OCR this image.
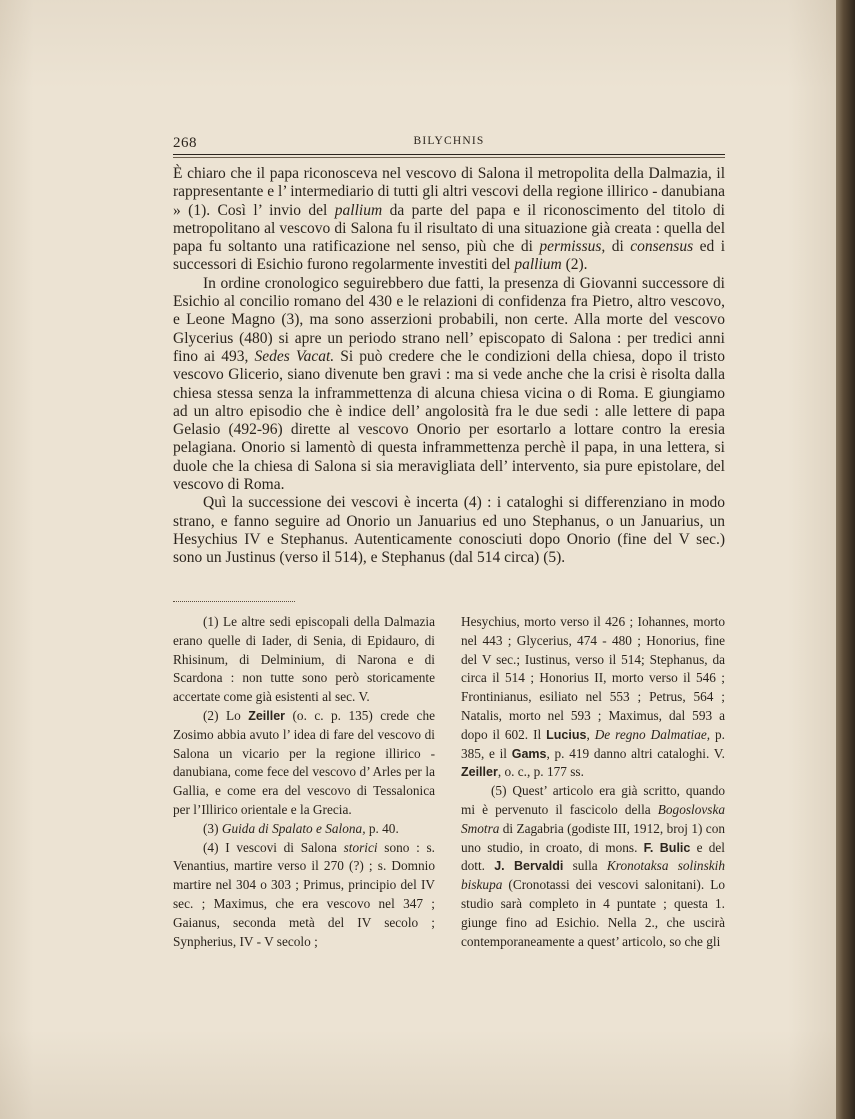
268	BILYCHNIS

È chiaro che il papa riconosceva nel vescovo di Salona il metropolita della Dalmazia, il rappresentante e l’ intermediario di tutti gli altri vescovi della regione illirico - danubiana » (1). Così l’ invio del pallium da parte del papa e il riconoscimento del titolo di metropolitano al vescovo di Salona fu il risultato di una situazione già creata : quella del papa fu soltanto una ratificazione nel senso, più che di permissus, di consensus ed i successori di Esichio furono regolarmente investiti del pallium (2).

In ordine cronologico seguirebbero due fatti, la presenza di Giovanni successore di Esichio al concilio romano del 430 e le relazioni di confidenza fra Pietro, altro vescovo, e Leone Magno (3), ma sono asserzioni probabili, non certe. Alla morte del vescovo Glycerius (480) si apre un periodo strano nell’ episcopato di Salona : per tredici anni fino ai 493, Sedes Vacat. Si può credere che le condizioni della chiesa, dopo il tristo vescovo Glicerio, siano divenute ben gravi : ma si vede anche che la crisi è risolta dalla chiesa stessa senza la inframmettenza di alcuna chiesa vicina o di Roma. E giungiamo ad un altro episodio che è indice dell’ angolosità fra le due sedi : alle lettere di papa Gelasio (492-96) dirette al vescovo Onorio per esortarlo a lottare contro la eresia pelagiana. Onorio si lamentò di questa inframmettenza perchè il papa, in una lettera, si duole che la chiesa di Salona si sia meravigliata dell’ intervento, sia pure epistolare, del vescovo di Roma.

Quì la successione dei vescovi è incerta (4) : i cataloghi si differenziano in modo strano, e fanno seguire ad Onorio un Januarius ed uno Stephanus, o un Januarius, un Hesychius IV e Stephanus. Autenticamente conosciuti dopo Onorio (fine del V sec.) sono un Justinus (verso il 514), e Stephanus (dal 514 circa) (5).

(1) Le altre sedi episcopali della Dalmazia erano quelle di Iader, di Senia, di Epidauro, di Rhisinum, di Delminium, di Narona e di Scardona : non tutte sono però storicamente accertate come già esistenti al sec. V.

(2) Lo Zeiller (o. c. p. 135) crede che Zosimo abbia avuto l’ idea di fare del vescovo di Salona un vicario per la regione illirico - danubiana, come fece del vescovo d’ Arles per la Gallia, e come era del vescovo di Tessalonica per l’Illirico orientale e la Grecia.

(3) Guida di Spalato e Salona, p. 40.

(4) I vescovi di Salona storici sono : s. Venantius, martire verso il 270 (?) ; s. Domnio martire nel 304 o 303 ; Primus, principio del IV sec. ; Maximus, che era vescovo nel 347 ; Gaianus, seconda metà del IV secolo ; Synpherius, IV - V secolo ;

Hesychius, morto verso il 426 ; Iohannes, morto nel 443 ; Glycerius, 474 - 480 ; Honorius, fine del V sec.; Iustinus, verso il 514; Stephanus, da circa il 514 ; Honorius II, morto verso il 546 ; Frontinianus, esiliato nel 553 ; Petrus, 564 ; Natalis, morto nel 593 ; Maximus, dal 593 a dopo il 602. Il Lucius, De regno Dalmatiae, p. 385, e il Gams, p. 419 danno altri cataloghi. V. Zeiller, o. c., p. 177 ss.

(5) Quest’ articolo era già scritto, quando mi è pervenuto il fascicolo della Bogoslovska Smotra di Zagabria (godiste III, 1912, broj 1) con uno studio, in croato, di mons. F. Bulic e del dott. J. Bervaldi sulla Kronotaksa solinskih biskupa (Cronotassi dei vescovi salonitani). Lo studio sarà completo in 4 puntate ; questa 1. giunge fino ad Esichio. Nella 2., che uscirà contemporaneamente a quest’ articolo, so che gli
